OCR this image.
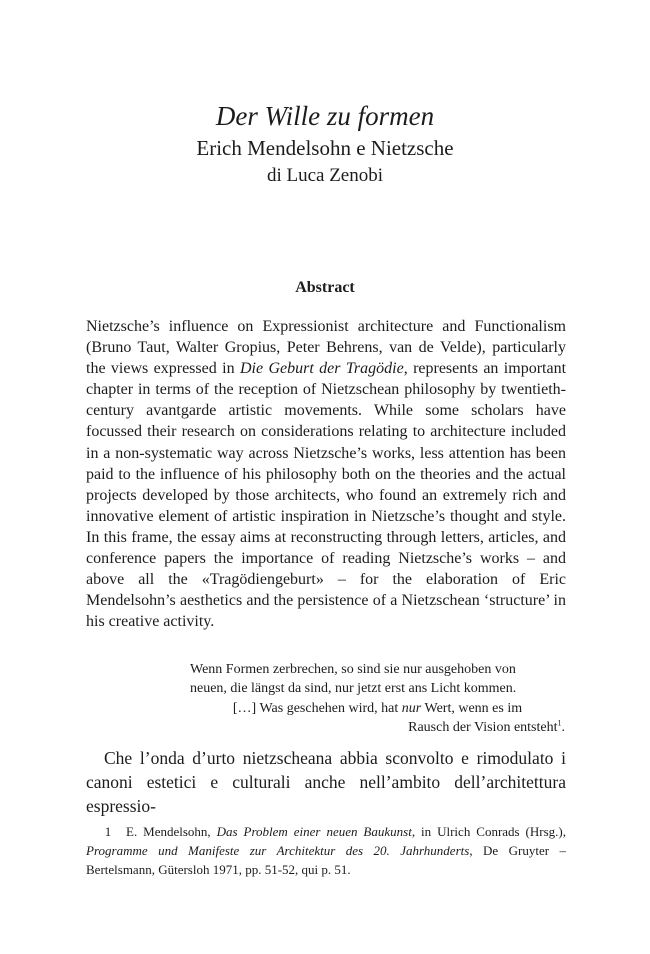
Der Wille zu formen
Erich Mendelsohn e Nietzsche
di Luca Zenobi
Abstract
Nietzsche’s influence on Expressionist architecture and Functionalism (Bruno Taut, Walter Gropius, Peter Behrens, van de Velde), particularly the views expressed in Die Geburt der Tragödie, represents an important chapter in terms of the reception of Nietzschean philosophy by twentieth-century avantgarde artistic movements. While some scholars have focussed their research on considerations relating to architecture included in a non-systematic way across Nietzsche’s works, less attention has been paid to the influence of his philosophy both on the theories and the actual projects developed by those architects, who found an extremely rich and innovative element of artistic inspiration in Nietzsche’s thought and style. In this frame, the essay aims at reconstructing through letters, articles, and conference papers the importance of reading Nietzsche’s works – and above all the «Tragödiengeburt» – for the elaboration of Eric Mendelsohn’s aesthetics and the persistence of a Nietzschean ‘structure’ in his creative activity.
Wenn Formen zerbrechen, so sind sie nur ausgehoben von
neuen, die längst da sind, nur jetzt erst ans Licht kommen.
[…] Was geschehen wird, hat nur Wert, wenn es im
Rausch der Vision entsteht$^1$.
Che l’onda d’urto nietzscheana abbia sconvolto e rimodulato i canoni estetici e culturali anche nell’ambito dell’architettura espressio-
1 E. Mendelsohn, Das Problem einer neuen Baukunst, in Ulrich Conrads (Hrsg.), Programme und Manifeste zur Architektur des 20. Jahrhunderts, De Gruyter – Bertelsmann, Gütersloh 1971, pp. 51-52, qui p. 51.
